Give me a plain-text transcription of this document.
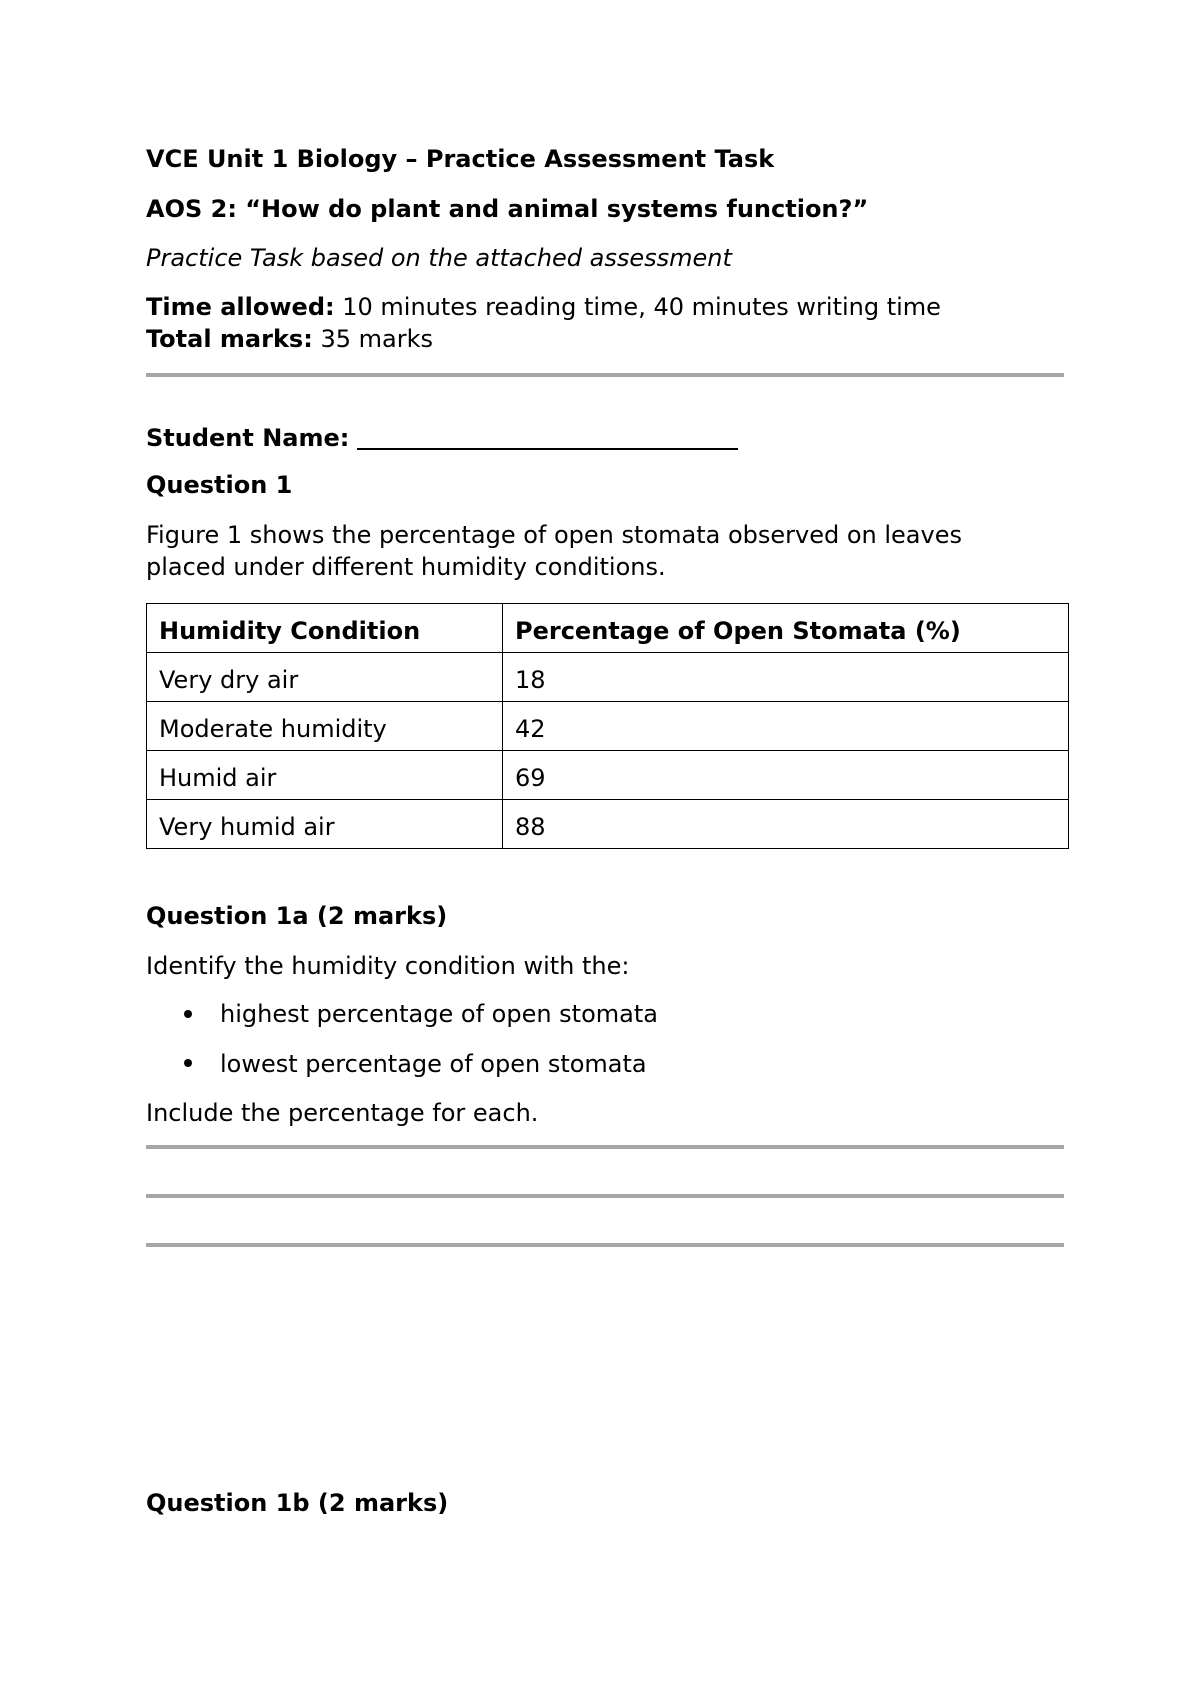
VCE Unit 1 Biology – Practice Assessment Task
AOS 2: “How do plant and animal systems function?”
Practice Task based on the attached assessment
Time allowed: 10 minutes reading time, 40 minutes writing time
Total marks: 35 marks
Student Name:
Question 1
Figure 1 shows the percentage of open stomata observed on leaves
placed under different humidity conditions.
Humidity Condition	Percentage of Open Stomata (%)
Very dry air	18
Moderate humidity	42
Humid air	69
Very humid air	88
Question 1a (2 marks)
Identify the humidity condition with the:
highest percentage of open stomata
lowest percentage of open stomata
Include the percentage for each.
Question 1b (2 marks)
